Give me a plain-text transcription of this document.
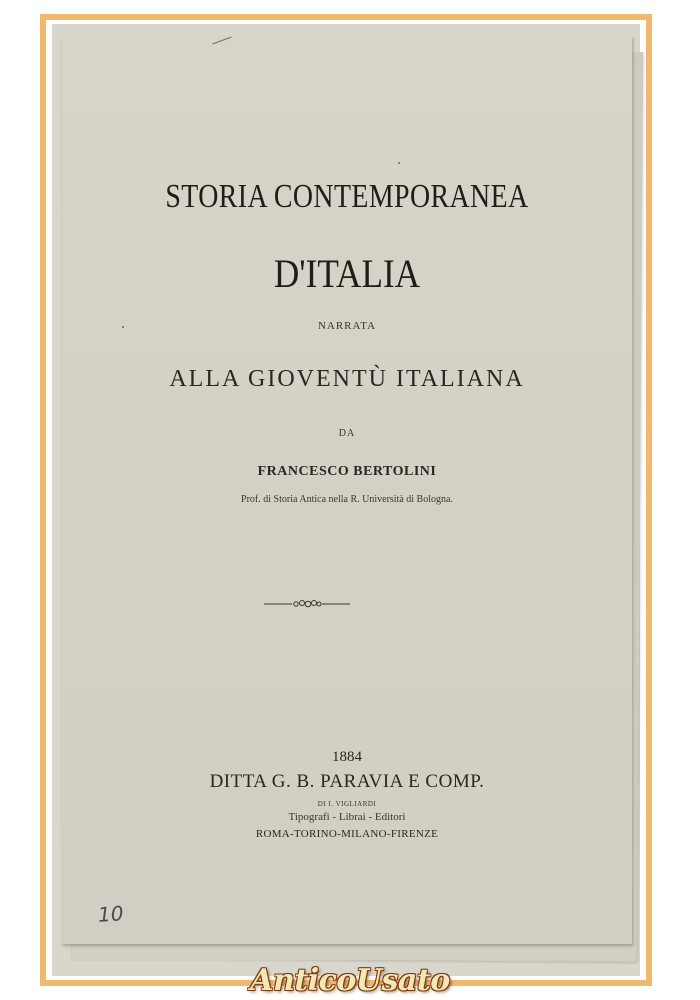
STORIA CONTEMPORANEA
D'ITALIA
NARRATA
ALLA GIOVENTÙ ITALIANA
DA
FRANCESCO BERTOLINI
Prof. di Storia Antica nella R. Università di Bologna.
1884
DITTA G. B. PARAVIA E COMP.
DI I. VIGLIARDI
Tipografi - Librai - Editori
ROMA-TORINO-MILANO-FIRENZE
10
AnticoUsato
